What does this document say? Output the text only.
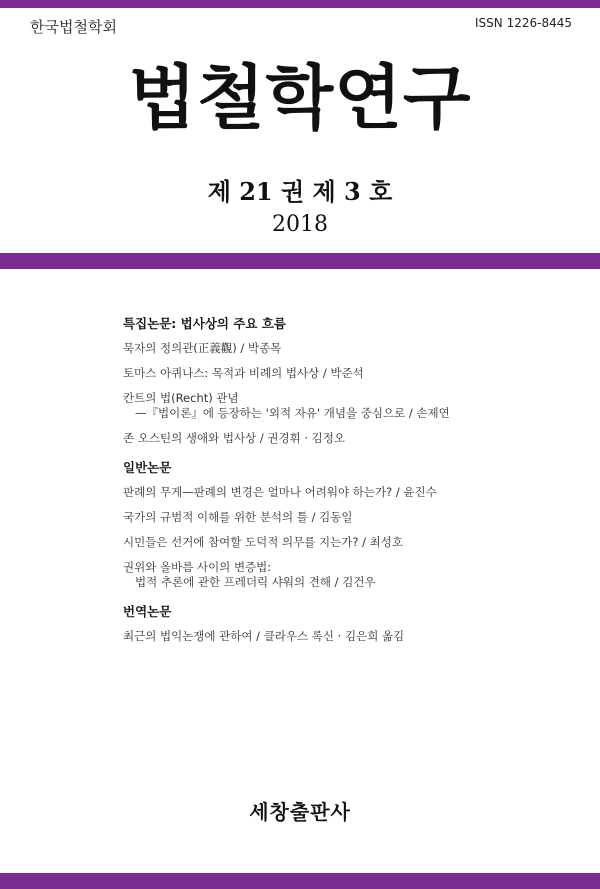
한국법철학회	ISSN 1226-8445
법철학연구
제 21 권 제 3 호
2018
특집논문: 법사상의 주요 흐름
묵자의 정의관(正義觀) / 박종목
토마스 아퀴나스: 목적과 비례의 법사상 / 박준석
칸트의 법(Recht) 관념
—『법이론』에 등장하는 '외적 자유' 개념을 중심으로 / 손제연
존 오스틴의 생애와 법사상 / 권경휘 · 김정오
일반논문
판례의 무게—판례의 변경은 얼마나 어려워야 하는가? / 윤진수
국가의 규범적 이해를 위한 분석의 틀 / 김동일
시민들은 선거에 참여할 도덕적 의무를 지는가? / 최성호
권위와 올바름 사이의 변증법:
법적 추론에 관한 프레더릭 샤워의 견해 / 김건우
번역논문
최근의 법익논쟁에 관하여 / 클라우스 록신 · 김은희 옮김
세창출판사
